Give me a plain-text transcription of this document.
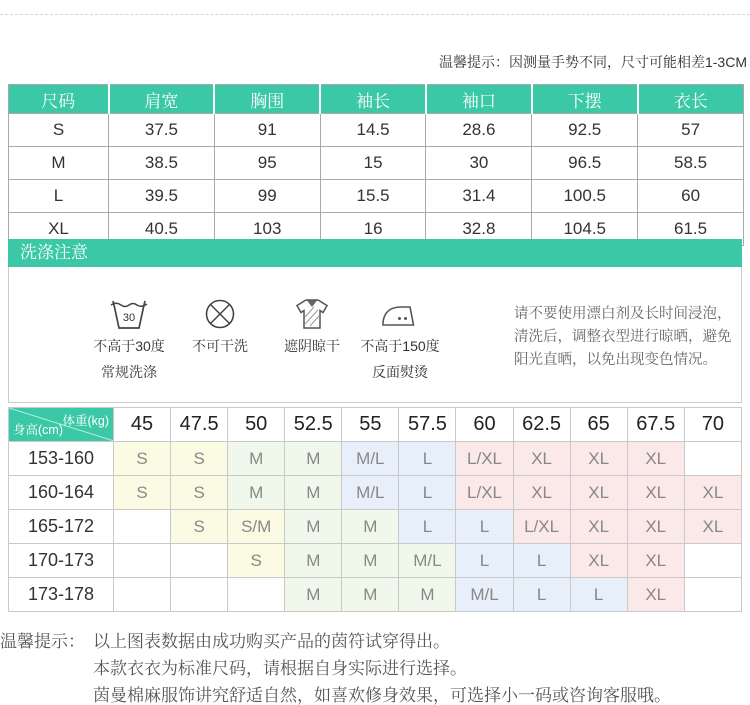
温馨提示：因测量手势不同，尺寸可能相差1-3CM
尺码	肩宽	胸围	袖长	袖口	下摆	衣长
S	37.5	91	14.5	28.6	92.5	57
M	38.5	95	15	30	96.5	58.5
L	39.5	99	15.5	31.4	100.5	60
XL	40.5	103	16	32.8	104.5	61.5
洗涤注意
30
不高于30度
常规洗涤
不可干洗	遮阴晾干	不高于150度
反面熨烫
请不要使用漂白剂及长时间浸泡，
清洗后，调整衣型进行晾晒，避免
阳光直晒，以免出现变色情况。
体重(kg)
身高(cm)	45	47.5	50	52.5	55	57.5	60	62.5	65	67.5	70
153-160	S	S	M	M	M/L	L	L/XL	XL	XL	XL	
160-164	S	S	M	M	M/L	L	L/XL	XL	XL	XL	XL
165-172		S	S/M	M	M	L	L	L/XL	XL	XL	XL
170-173			S	M	M	M/L	L	L	XL	XL	
173-178				M	M	M	M/L	L	L	XL	
温馨提示： 以上图表数据由成功购买产品的茵符试穿得出。
本款衣衣为标准尺码，请根据自身实际进行选择。
茵曼棉麻服饰讲究舒适自然，如喜欢修身效果，可选择小一码或咨询客服哦。
